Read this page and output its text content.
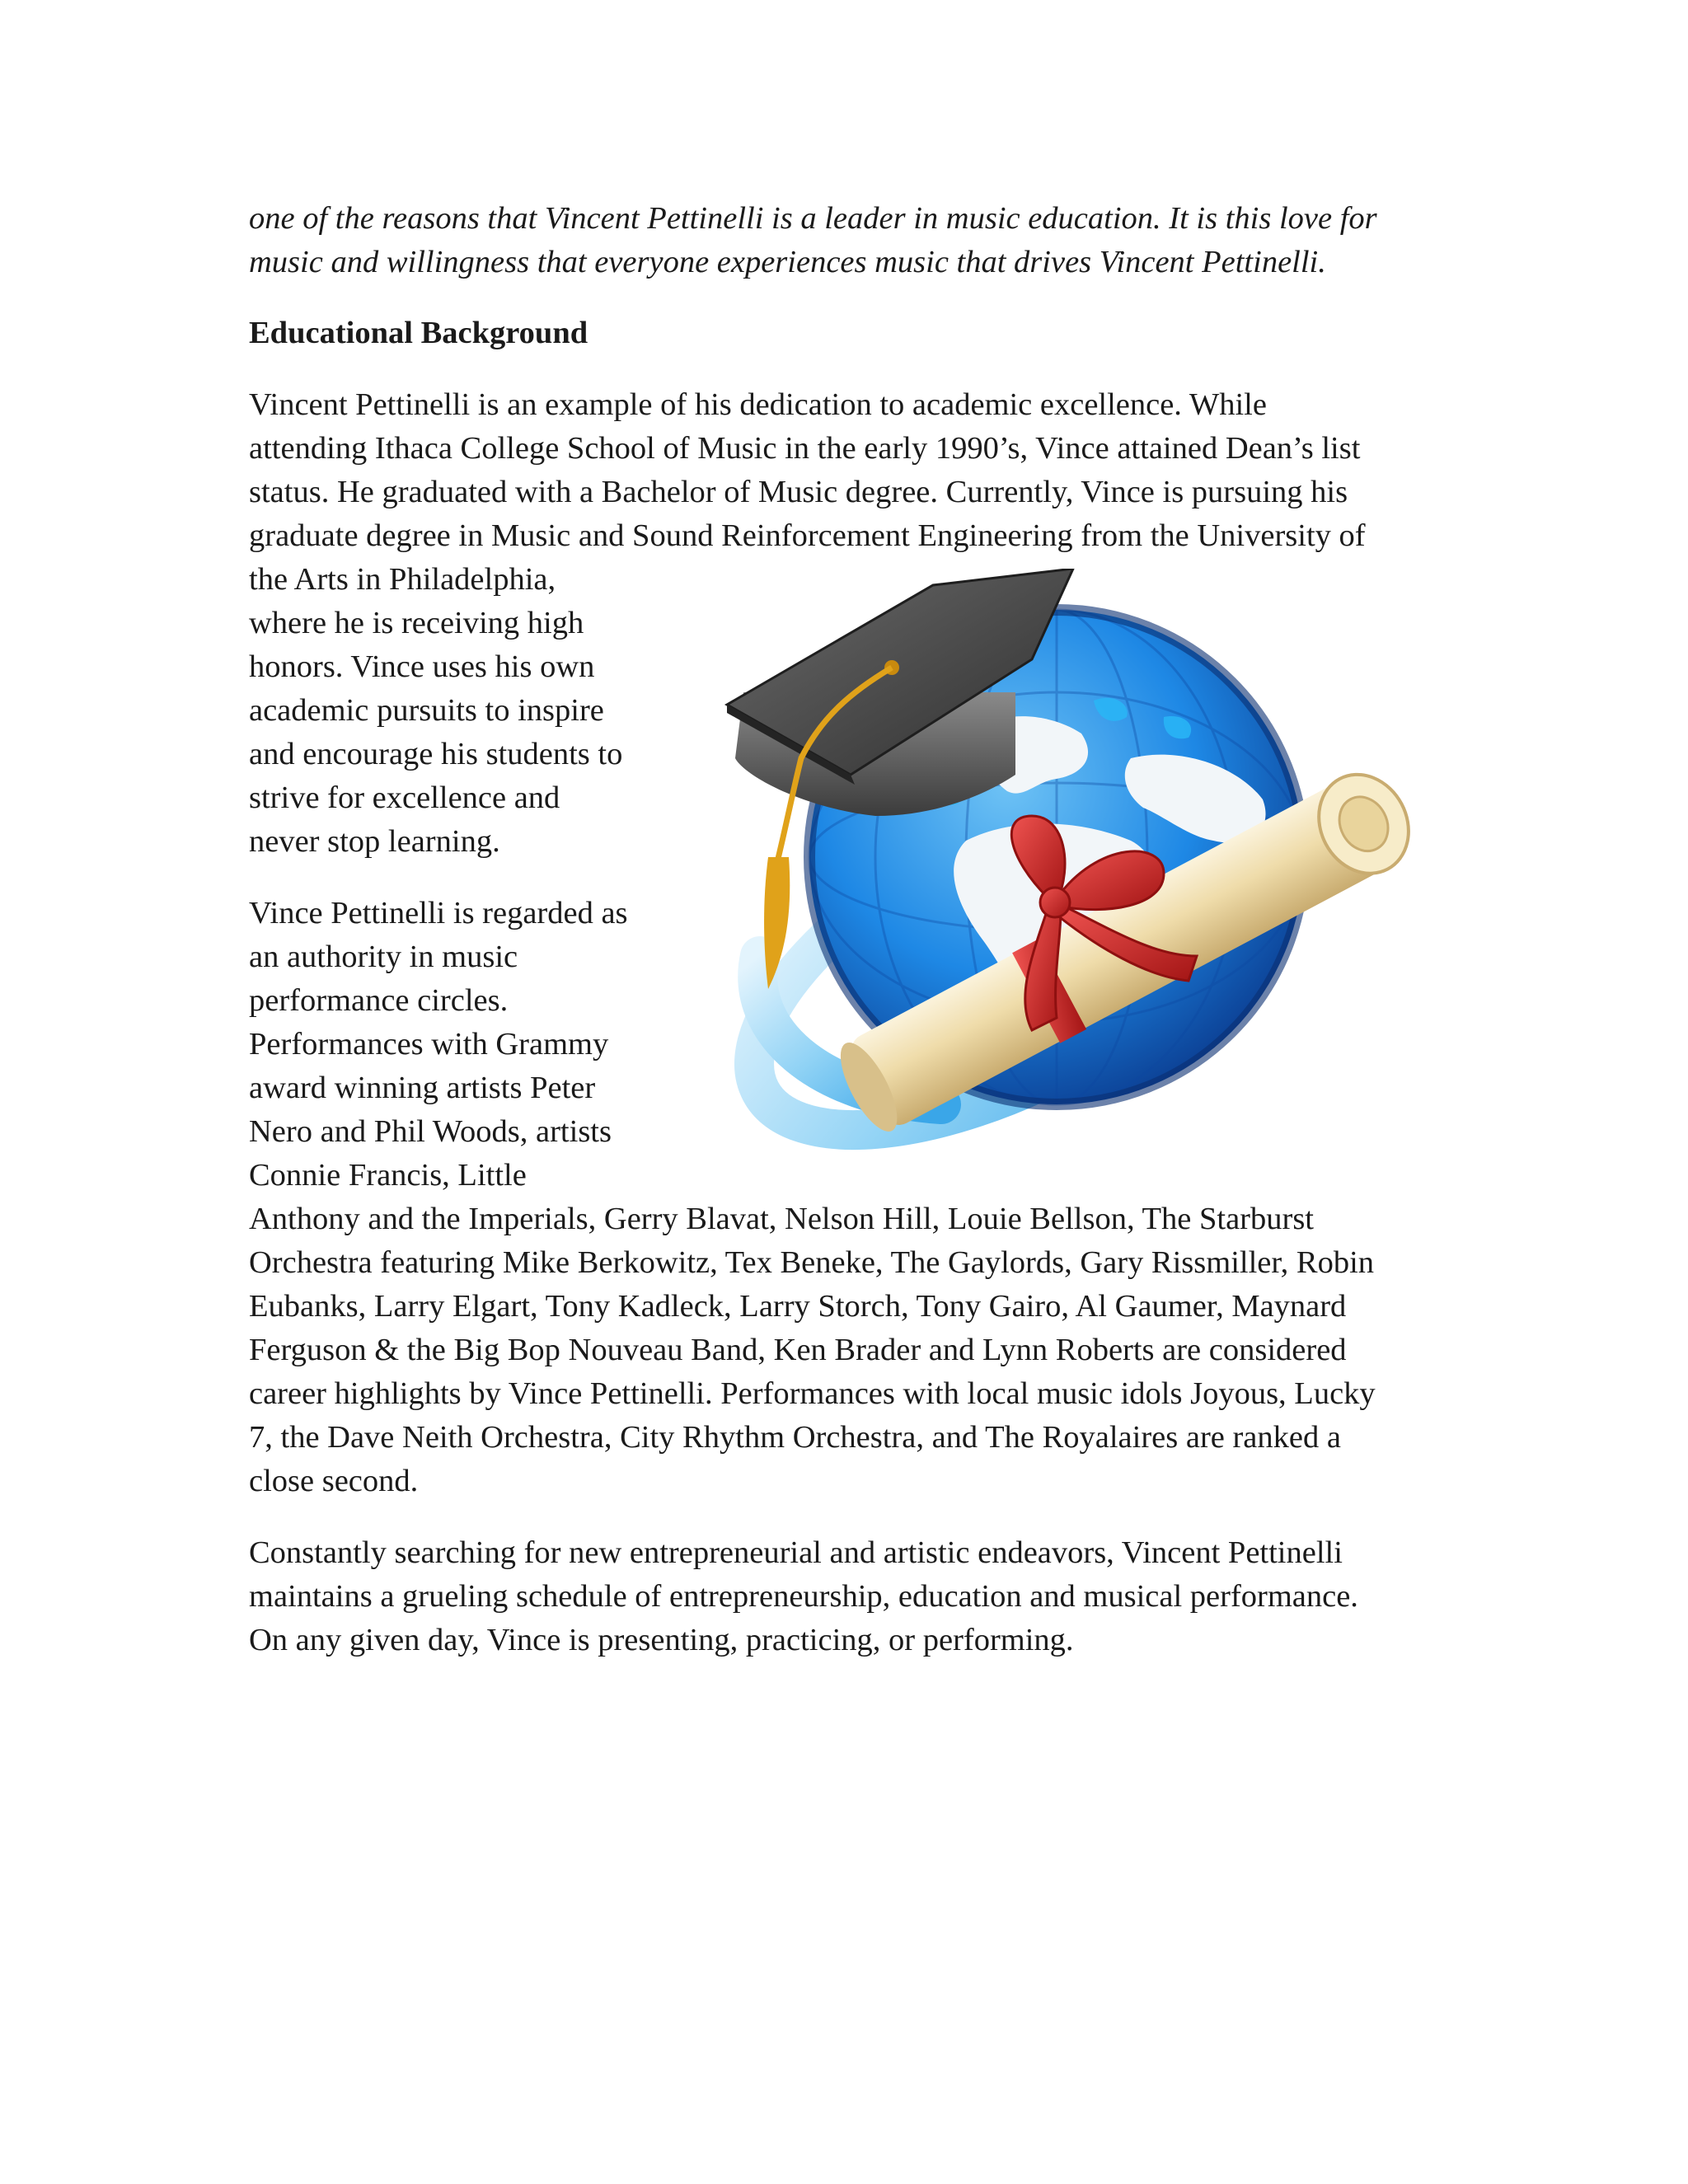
one of the reasons that Vincent Pettinelli is a leader in music education. It is this love for

music and willingness that everyone experiences music that drives Vincent Pettinelli.

Educational Background

Vincent Pettinelli is an example of his dedication to academic excellence. While

attending Ithaca College School of Music in the early 1990’s, Vince attained Dean’s list

status. He graduated with a Bachelor of Music degree. Currently, Vince is pursuing his

graduate degree in Music and Sound Reinforcement Engineering from the University of

the Arts in Philadelphia,

where he is receiving high

honors. Vince uses his own

academic pursuits to inspire

and encourage his students to

strive for excellence and

never stop learning.

Vince Pettinelli is regarded as

an authority in music

performance circles.

Performances with Grammy

award winning artists Peter

Nero and Phil Woods, artists

Connie Francis, Little

Anthony and the Imperials, Gerry Blavat, Nelson Hill, Louie Bellson, The Starburst

Orchestra featuring Mike Berkowitz, Tex Beneke, The Gaylords, Gary Rissmiller, Robin

Eubanks, Larry Elgart, Tony Kadleck, Larry Storch, Tony Gairo, Al Gaumer, Maynard

Ferguson & the Big Bop Nouveau Band, Ken Brader and Lynn Roberts are considered

career highlights by Vince Pettinelli. Performances with local music idols Joyous, Lucky

7, the Dave Neith Orchestra, City Rhythm Orchestra, and The Royalaires are ranked a

close second.

Constantly searching for new entrepreneurial and artistic endeavors, Vincent Pettinelli

maintains a grueling schedule of entrepreneurship, education and musical performance.

On any given day, Vince is presenting, practicing, or performing.
